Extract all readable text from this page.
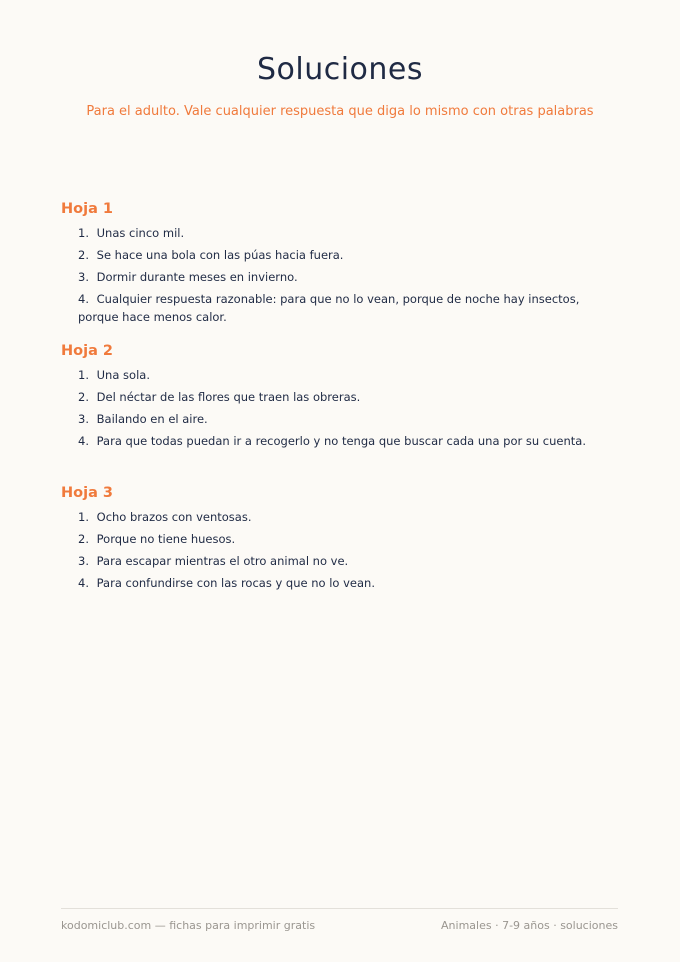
Soluciones
Para el adulto. Vale cualquier respuesta que diga lo mismo con otras palabras
Hoja 1
1. Unas cinco mil.
2. Se hace una bola con las púas hacia fuera.
3. Dormir durante meses en invierno.
4. Cualquier respuesta razonable: para que no lo vean, porque de noche hay insectos, porque hace menos calor.
Hoja 2
1. Una sola.
2. Del néctar de las flores que traen las obreras.
3. Bailando en el aire.
4. Para que todas puedan ir a recogerlo y no tenga que buscar cada una por su cuenta.
Hoja 3
1. Ocho brazos con ventosas.
2. Porque no tiene huesos.
3. Para escapar mientras el otro animal no ve.
4. Para confundirse con las rocas y que no lo vean.
kodomiclub.com — fichas para imprimir gratis	Animales · 7-9 años · soluciones
